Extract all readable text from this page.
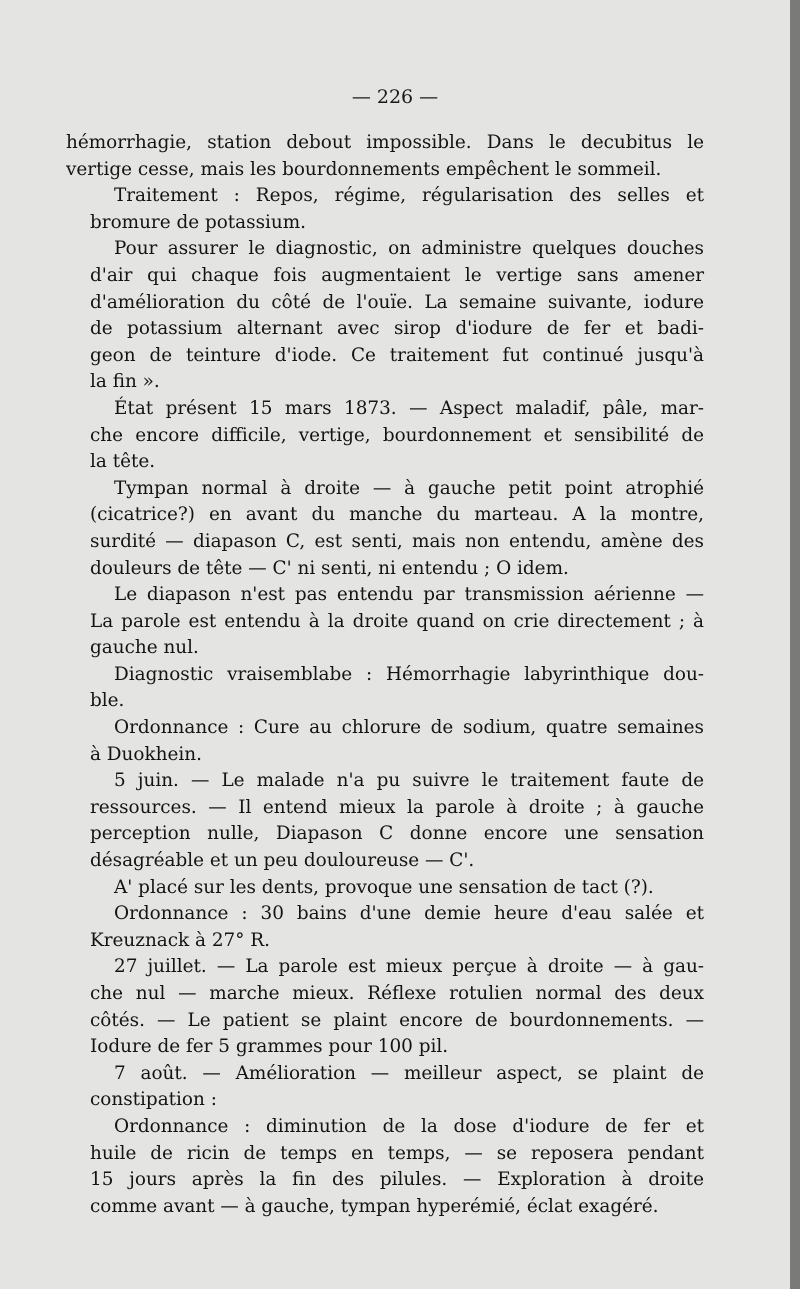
— 226 —
hémorrhagie, station debout impossible. Dans le decubitus le
vertige cesse, mais les bourdonnements empêchent le sommeil.
Traitement : Repos, régime, régularisation des selles et
bromure de potassium.
Pour assurer le diagnostic, on administre quelques douches
d'air qui chaque fois augmentaient le vertige sans amener
d'amélioration du côté de l'ouïe. La semaine suivante, iodure
de potassium alternant avec sirop d'iodure de fer et badi-
geon de teinture d'iode. Ce traitement fut continué jusqu'à
la fin ».
État présent 15 mars 1873. — Aspect maladif, pâle, mar-
che encore difficile, vertige, bourdonnement et sensibilité de
la tête.
Tympan normal à droite — à gauche petit point atrophié
(cicatrice?) en avant du manche du marteau. A la montre,
surdité — diapason C, est senti, mais non entendu, amène des
douleurs de tête — C' ni senti, ni entendu ; O idem.
Le diapason n'est pas entendu par transmission aérienne —
La parole est entendu à la droite quand on crie directement ; à
gauche nul.
Diagnostic vraisemblabe : Hémorrhagie labyrinthique dou-
ble.
Ordonnance : Cure au chlorure de sodium, quatre semaines
à Duokhein.
5 juin. — Le malade n'a pu suivre le traitement faute de
ressources. — Il entend mieux la parole à droite ; à gauche
perception nulle, Diapason C donne encore une sensation
désagréable et un peu douloureuse — C'.
A' placé sur les dents, provoque une sensation de tact (?).
Ordonnance : 30 bains d'une demie heure d'eau salée et
Kreuznack à 27° R.
27 juillet. — La parole est mieux perçue à droite — à gau-
che nul — marche mieux. Réflexe rotulien normal des deux
côtés. — Le patient se plaint encore de bourdonnements. —
Iodure de fer 5 grammes pour 100 pil.
7 août. — Amélioration — meilleur aspect, se plaint de
constipation :
Ordonnance : diminution de la dose d'iodure de fer et
huile de ricin de temps en temps, — se reposera pendant
15 jours après la fin des pilules. — Exploration à droite
comme avant — à gauche, tympan hyperémié, éclat exagéré.
